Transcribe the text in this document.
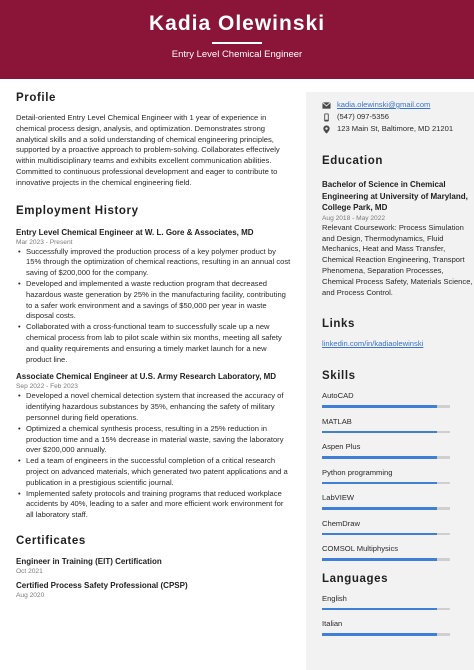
Kadia Olewinski
Entry Level Chemical Engineer
Profile
Detail-oriented Entry Level Chemical Engineer with 1 year of experience in chemical process design, analysis, and optimization. Demonstrates strong analytical skills and a solid understanding of chemical engineering principles, supported by a proactive approach to problem-solving. Collaborates effectively within multidisciplinary teams and exhibits excellent communication abilities. Committed to continuous professional development and eager to contribute to innovative projects in the chemical engineering field.
Employment History
Entry Level Chemical Engineer at W. L. Gore & Associates, MD
Mar 2023 - Present
• Successfully improved the production process of a key polymer product by 15% through the optimization of chemical reactions, resulting in an annual cost saving of $200,000 for the company.
• Developed and implemented a waste reduction program that decreased hazardous waste generation by 25% in the manufacturing facility, contributing to a safer work environment and a savings of $50,000 per year in waste disposal costs.
• Collaborated with a cross-functional team to successfully scale up a new chemical process from lab to pilot scale within six months, meeting all safety and quality requirements and ensuring a timely market launch for a new product line.
Associate Chemical Engineer at U.S. Army Research Laboratory, MD
Sep 2022 - Feb 2023
• Developed a novel chemical detection system that increased the accuracy of identifying hazardous substances by 35%, enhancing the safety of military personnel during field operations.
• Optimized a chemical synthesis process, resulting in a 25% reduction in production time and a 15% decrease in material waste, saving the laboratory over $200,000 annually.
• Led a team of engineers in the successful completion of a critical research project on advanced materials, which generated two patent applications and a publication in a prestigious scientific journal.
• Implemented safety protocols and training programs that reduced workplace accidents by 40%, leading to a safer and more efficient work environment for all laboratory staff.
Certificates
Engineer in Training (EIT) Certification
Oct 2021
Certified Process Safety Professional (CPSP)
Aug 2020
kadia.olewinski@gmail.com
(547) 097-5356
123 Main St, Baltimore, MD 21201
Education
Bachelor of Science in Chemical Engineering at University of Maryland, College Park, MD
Aug 2018 - May 2022
Relevant Coursework: Process Simulation and Design, Thermodynamics, Fluid Mechanics, Heat and Mass Transfer, Chemical Reaction Engineering, Transport Phenomena, Separation Processes, Chemical Process Safety, Materials Science, and Process Control.
Links
linkedin.com/in/kadiaolewinski
Skills
AutoCAD
MATLAB
Aspen Plus
Python programming
LabVIEW
ChemDraw
COMSOL Multiphysics
Languages
English
Italian
